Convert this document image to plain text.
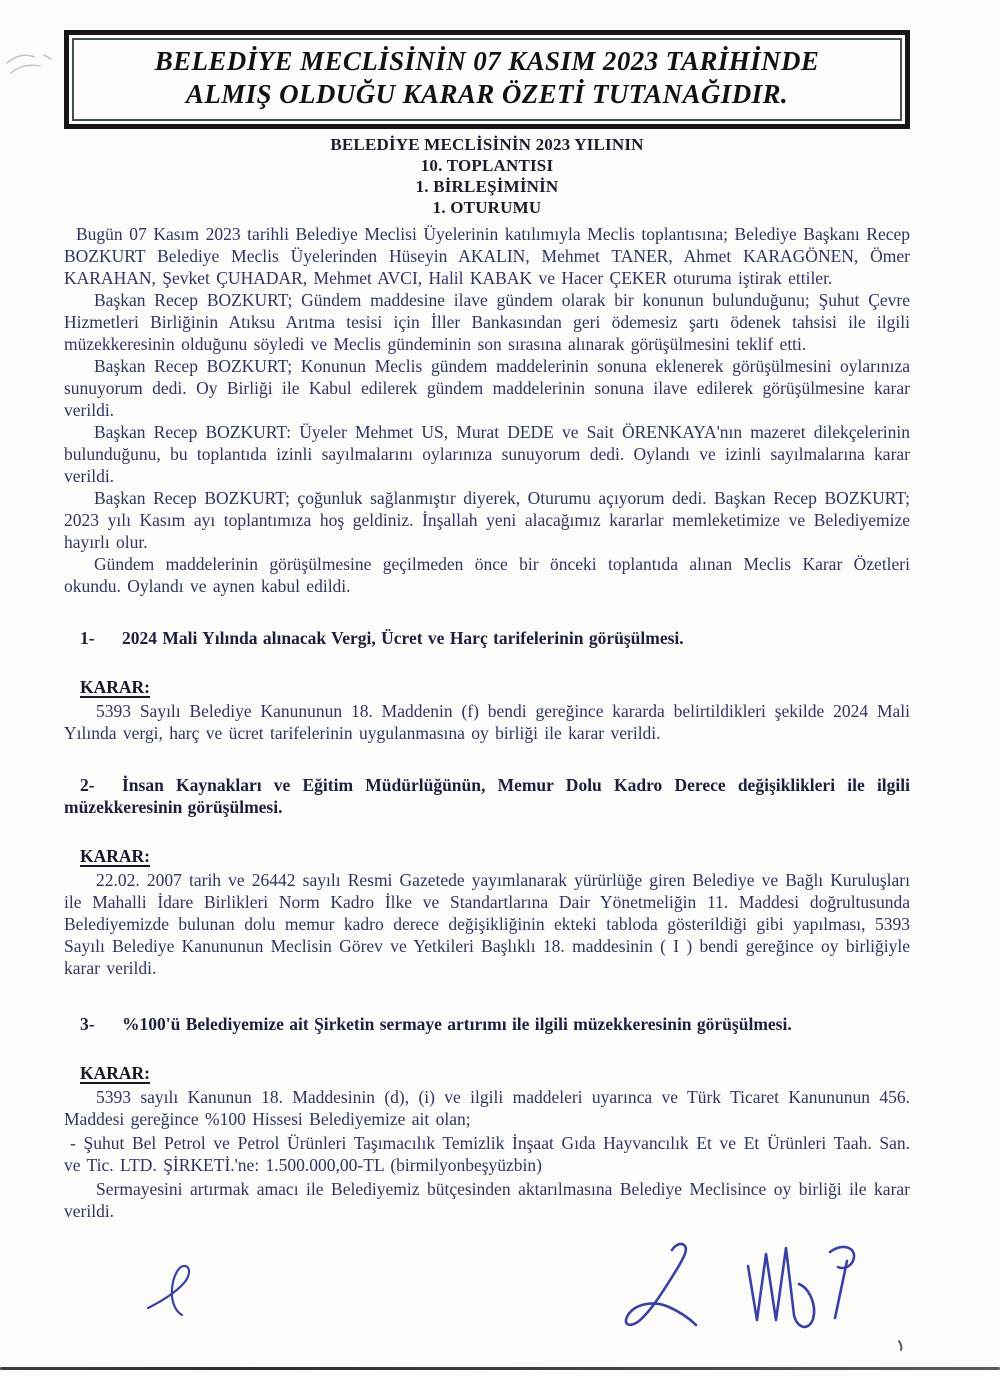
BELEDİYE MECLİSİNİN 07 KASIM 2023 TARİHİNDE
ALMIŞ OLDUĞU KARAR ÖZETİ TUTANAĞIDIR.
BELEDİYE MECLİSİNİN 2023 YILININ
10. TOPLANTISI
1. BİRLEŞİMİNİN
1. OTURUMU

Bugün 07 Kasım 2023 tarihli Belediye Meclisi Üyelerinin katılımıyla Meclis toplantısına; Belediye Başkanı Recep BOZKURT Belediye Meclis Üyelerinden Hüseyin AKALIN, Mehmet TANER, Ahmet KARAGÖNEN, Ömer KARAHAN, Şevket ÇUHADAR, Mehmet AVCI, Halil KABAK ve Hacer ÇEKER oturuma iştirak ettiler.

Başkan Recep BOZKURT; Gündem maddesine ilave gündem olarak bir konunun bulunduğunu; Şuhut Çevre Hizmetleri Birliğinin Atıksu Arıtma tesisi için İller Bankasından geri ödemesiz şartı ödenek tahsisi ile ilgili müzekkeresinin olduğunu söyledi ve Meclis gündeminin son sırasına alınarak görüşülmesini teklif etti.

Başkan Recep BOZKURT; Konunun Meclis gündem maddelerinin sonuna eklenerek görüşülmesini oylarınıza sunuyorum dedi. Oy Birliği ile Kabul edilerek gündem maddelerinin sonuna ilave edilerek görüşülmesine karar verildi.

Başkan Recep BOZKURT: Üyeler Mehmet US, Murat DEDE ve Sait ÖRENKAYA'nın mazeret dilekçelerinin bulunduğunu, bu toplantıda izinli sayılmalarını oylarınıza sunuyorum dedi. Oylandı ve izinli sayılmalarına karar verildi.

Başkan Recep BOZKURT; çoğunluk sağlanmıştır diyerek, Oturumu açıyorum dedi. Başkan Recep BOZKURT; 2023 yılı Kasım ayı toplantımıza hoş geldiniz. İnşallah yeni alacağımız kararlar memleketimize ve Belediyemize hayırlı olur.

Gündem maddelerinin görüşülmesine geçilmeden önce bir önceki toplantıda alınan Meclis Karar Özetleri okundu. Oylandı ve aynen kabul edildi.

1- 2024 Mali Yılında alınacak Vergi, Ücret ve Harç tarifelerinin görüşülmesi.

KARAR:

5393 Sayılı Belediye Kanununun 18. Maddenin (f) bendi gereğince kararda belirtildikleri şekilde 2024 Mali Yılında vergi, harç ve ücret tarifelerinin uygulanmasına oy birliği ile karar verildi.

2- İnsan Kaynakları ve Eğitim Müdürlüğünün, Memur Dolu Kadro Derece değişiklikleri ile ilgili müzekkeresinin görüşülmesi.

KARAR:

22.02. 2007 tarih ve 26442 sayılı Resmi Gazetede yayımlanarak yürürlüğe giren Belediye ve Bağlı Kuruluşları ile Mahalli İdare Birlikleri Norm Kadro İlke ve Standartlarına Dair Yönetmeliğin 11. Maddesi doğrultusunda Belediyemizde bulunan dolu memur kadro derece değişikliğinin ekteki tabloda gösterildiği gibi yapılması, 5393 Sayılı Belediye Kanununun Meclisin Görev ve Yetkileri Başlıklı 18. maddesinin ( I ) bendi gereğince oy birliğiyle karar verildi.

3- %100'ü Belediyemize ait Şirketin sermaye artırımı ile ilgili müzekkeresinin görüşülmesi.

KARAR:

5393 sayılı Kanunun 18. Maddesinin (d), (i) ve ilgili maddeleri uyarınca ve Türk Ticaret Kanununun 456. Maddesi gereğince %100 Hissesi Belediyemize ait olan;

- Şuhut Bel Petrol ve Petrol Ürünleri Taşımacılık Temizlik İnşaat Gıda Hayvancılık Et ve Et Ürünleri Taah. San. ve Tic. LTD. ŞİRKETİ.'ne: 1.500.000,00-TL (birmilyonbeşyüzbin)

Sermayesini artırmak amacı ile Belediyemiz bütçesinden aktarılmasına Belediye Meclisince oy birliği ile karar verildi.
